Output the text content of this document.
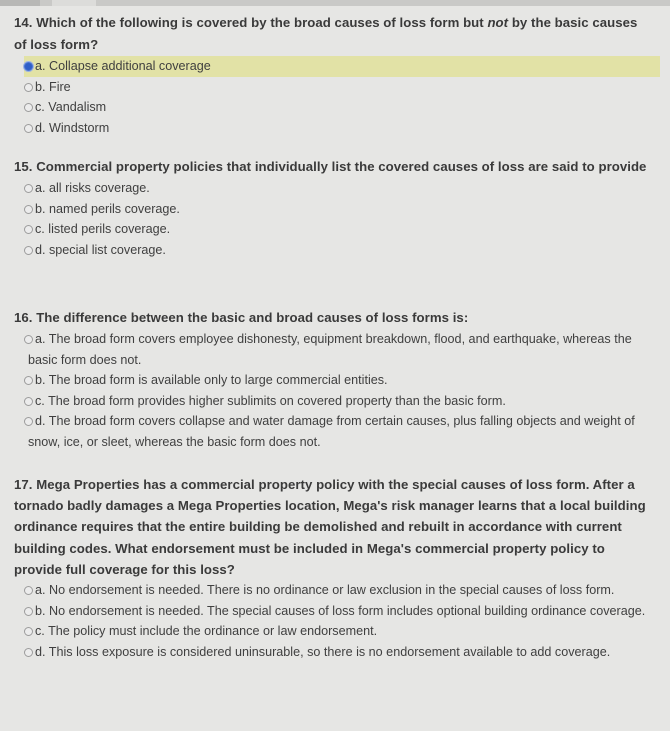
14. Which of the following is covered by the broad causes of loss form but not by the basic causes of loss form?
a. Collapse additional coverage
b. Fire
c. Vandalism
d. Windstorm
15. Commercial property policies that individually list the covered causes of loss are said to provide
a. all risks coverage.
b. named perils coverage.
c. listed perils coverage.
d. special list coverage.
16. The difference between the basic and broad causes of loss forms is:
a. The broad form covers employee dishonesty, equipment breakdown, flood, and earthquake, whereas the basic form does not.
b. The broad form is available only to large commercial entities.
c. The broad form provides higher sublimits on covered property than the basic form.
d. The broad form covers collapse and water damage from certain causes, plus falling objects and weight of snow, ice, or sleet, whereas the basic form does not.
17. Mega Properties has a commercial property policy with the special causes of loss form. After a tornado badly damages a Mega Properties location, Mega's risk manager learns that a local building ordinance requires that the entire building be demolished and rebuilt in accordance with current building codes. What endorsement must be included in Mega's commercial property policy to provide full coverage for this loss?
a. No endorsement is needed. There is no ordinance or law exclusion in the special causes of loss form.
b. No endorsement is needed. The special causes of loss form includes optional building ordinance coverage.
c. The policy must include the ordinance or law endorsement.
d. This loss exposure is considered uninsurable, so there is no endorsement available to add coverage.
